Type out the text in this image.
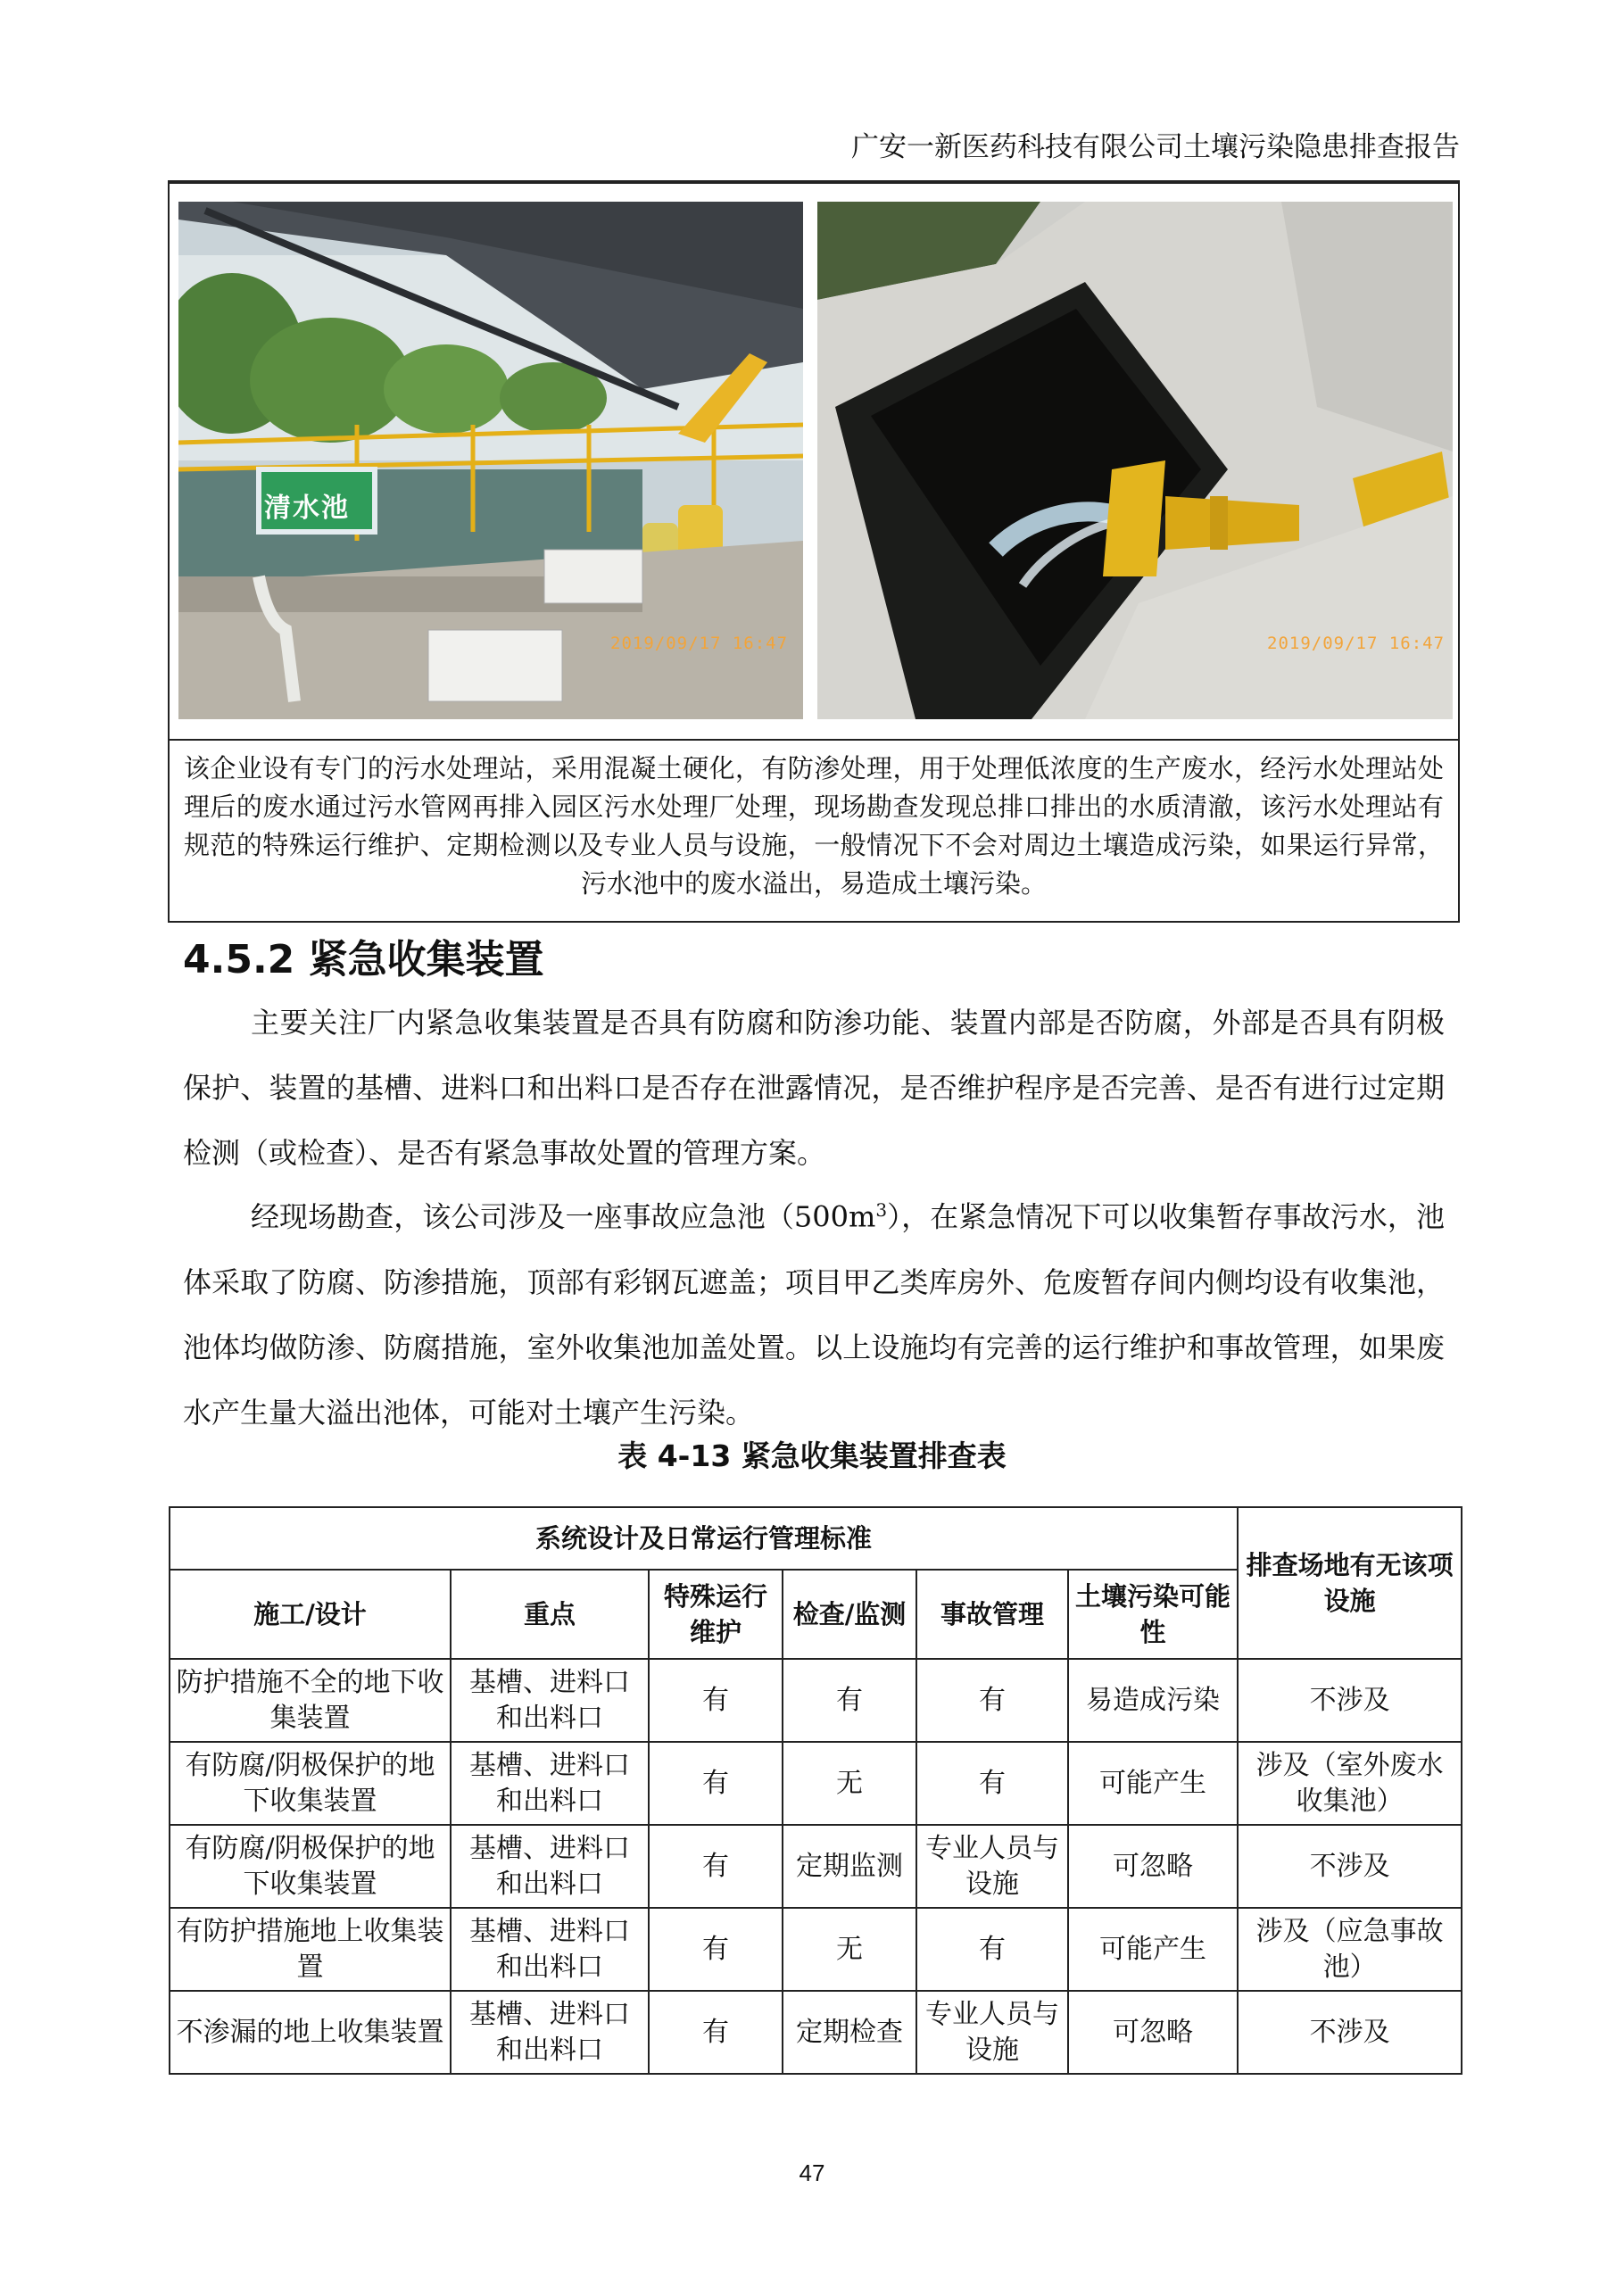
广安一新医药科技有限公司土壤污染隐患排查报告
清水池
2019/09/17 16:47	2019/09/17 16:47
该企业设有专门的污水处理站，采用混凝土硬化，有防渗处理，用于处理低浓度的生产废水，经污水处理站处理后的废水通过污水管网再排入园区污水处理厂处理，现场勘查发现总排口排出的水质清澈，该污水处理站有规范的特殊运行维护、定期检测以及专业人员与设施，一般情况下不会对周边土壤造成污染，如果运行异常，污水池中的废水溢出，易造成土壤污染。
4.5.2 紧急收集装置
主要关注厂内紧急收集装置是否具有防腐和防渗功能、装置内部是否防腐，外部是否具有阴极保护、装置的基槽、进料口和出料口是否存在泄露情况，是否维护程序是否完善、是否有进行过定期检测（或检查）、是否有紧急事故处置的管理方案。
经现场勘查，该公司涉及一座事故应急池$(500m^3)$，在紧急情况下可以收集暂存事故污水，池体采取了防腐、防渗措施，顶部有彩钢瓦遮盖；项目甲乙类库房外、危废暂存间内侧均设有收集池，池体均做防渗、防腐措施，室外收集池加盖处置。以上设施均有完善的运行维护和事故管理，如果废水产生量大溢出池体，可能对土壤产生污染。
表 4-13 紧急收集装置排查表
系统设计及日常运行管理标准						排查场地有无该项设施
施工/设计	重点	特殊运行维护	检查/监测	事故管理	土壤污染可能性	
防护措施不全的地下收集装置	基槽、进料口和出料口	有	有	有	易造成污染	不涉及
有防腐/阴极保护的地下收集装置	基槽、进料口和出料口	有	无	有	可能产生	涉及（室外废水收集池）
有防腐/阴极保护的地下收集装置	基槽、进料口和出料口	有	定期监测	专业人员与设施	可忽略	不涉及
有防护措施地上收集装置	基槽、进料口和出料口	有	无	有	可能产生	涉及（应急事故池）
不渗漏的地上收集装置	基槽、进料口和出料口	有	定期检查	专业人员与设施	可忽略	不涉及
47
